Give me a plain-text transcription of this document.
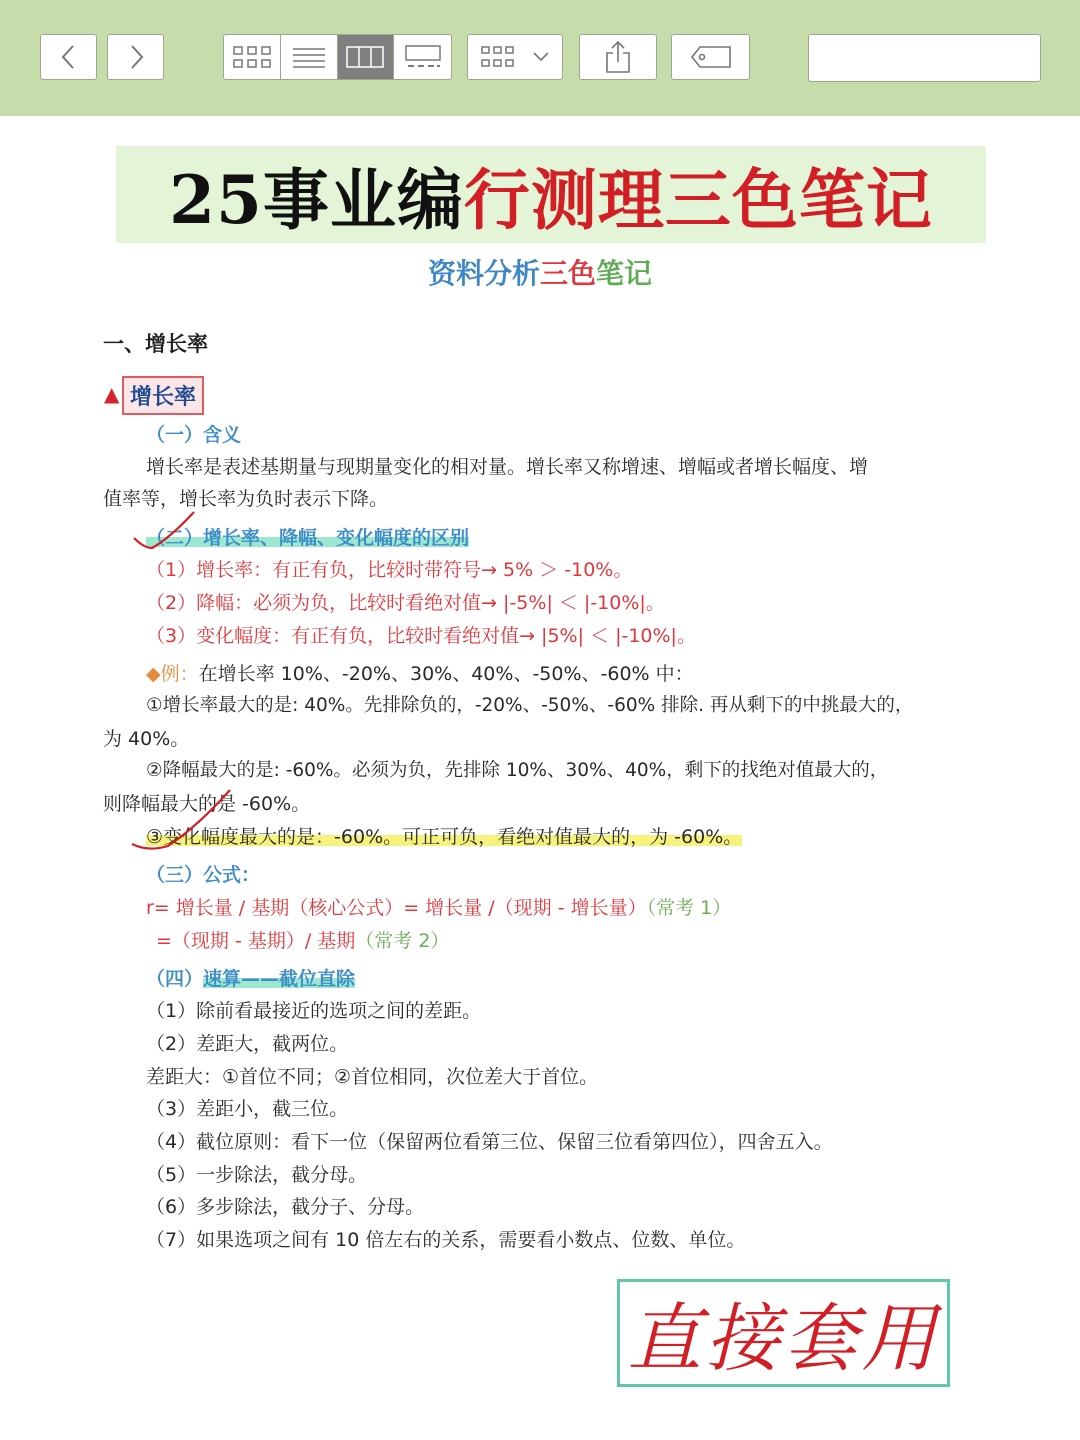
25事业编 行测理三色笔记
资料分析三色笔记
一、增长率
▲ 增长率
（一）含义
增长率是表述基期量与现期量变化的相对量。增长率又称增速、增幅或者增长幅度、增
值率等，增长率为负时表示下降。
（二）增长率、降幅、变化幅度的区别
（1）增长率：有正有负，比较时带符号→ 5% ＞ -10%。
（2）降幅：必须为负，比较时看绝对值→ |-5%| ＜ |-10%|。
（3）变化幅度：有正有负，比较时看绝对值→ |5%| ＜ |-10%|。
◆例：在增长率 10%、-20%、30%、40%、-50%、-60% 中：
①增长率最大的是: 40%。先排除负的，-20%、-50%、-60% 排除. 再从剩下的中挑最大的，
为 40%。
②降幅最大的是: -60%。必须为负，先排除 10%、30%、40%，剩下的找绝对值最大的，
则降幅最大的是 -60%。
③变化幅度最大的是：-60%。可正可负，看绝对值最大的，为 -60%。
（三）公式：
r= 增长量 / 基期（核心公式）= 增长量 /（现期 - 增长量）（常考 1）
=（现期 - 基期）/ 基期（常考 2）
（四）速算——截位直除
（1）除前看最接近的选项之间的差距。
（2）差距大，截两位。
差距大：①首位不同；②首位相同，次位差大于首位。
（3）差距小，截三位。
（4）截位原则：看下一位（保留两位看第三位、保留三位看第四位），四舍五入。
（5）一步除法，截分母。
（6）多步除法，截分子、分母。
（7）如果选项之间有 10 倍左右的关系，需要看小数点、位数、单位。
直接套用
